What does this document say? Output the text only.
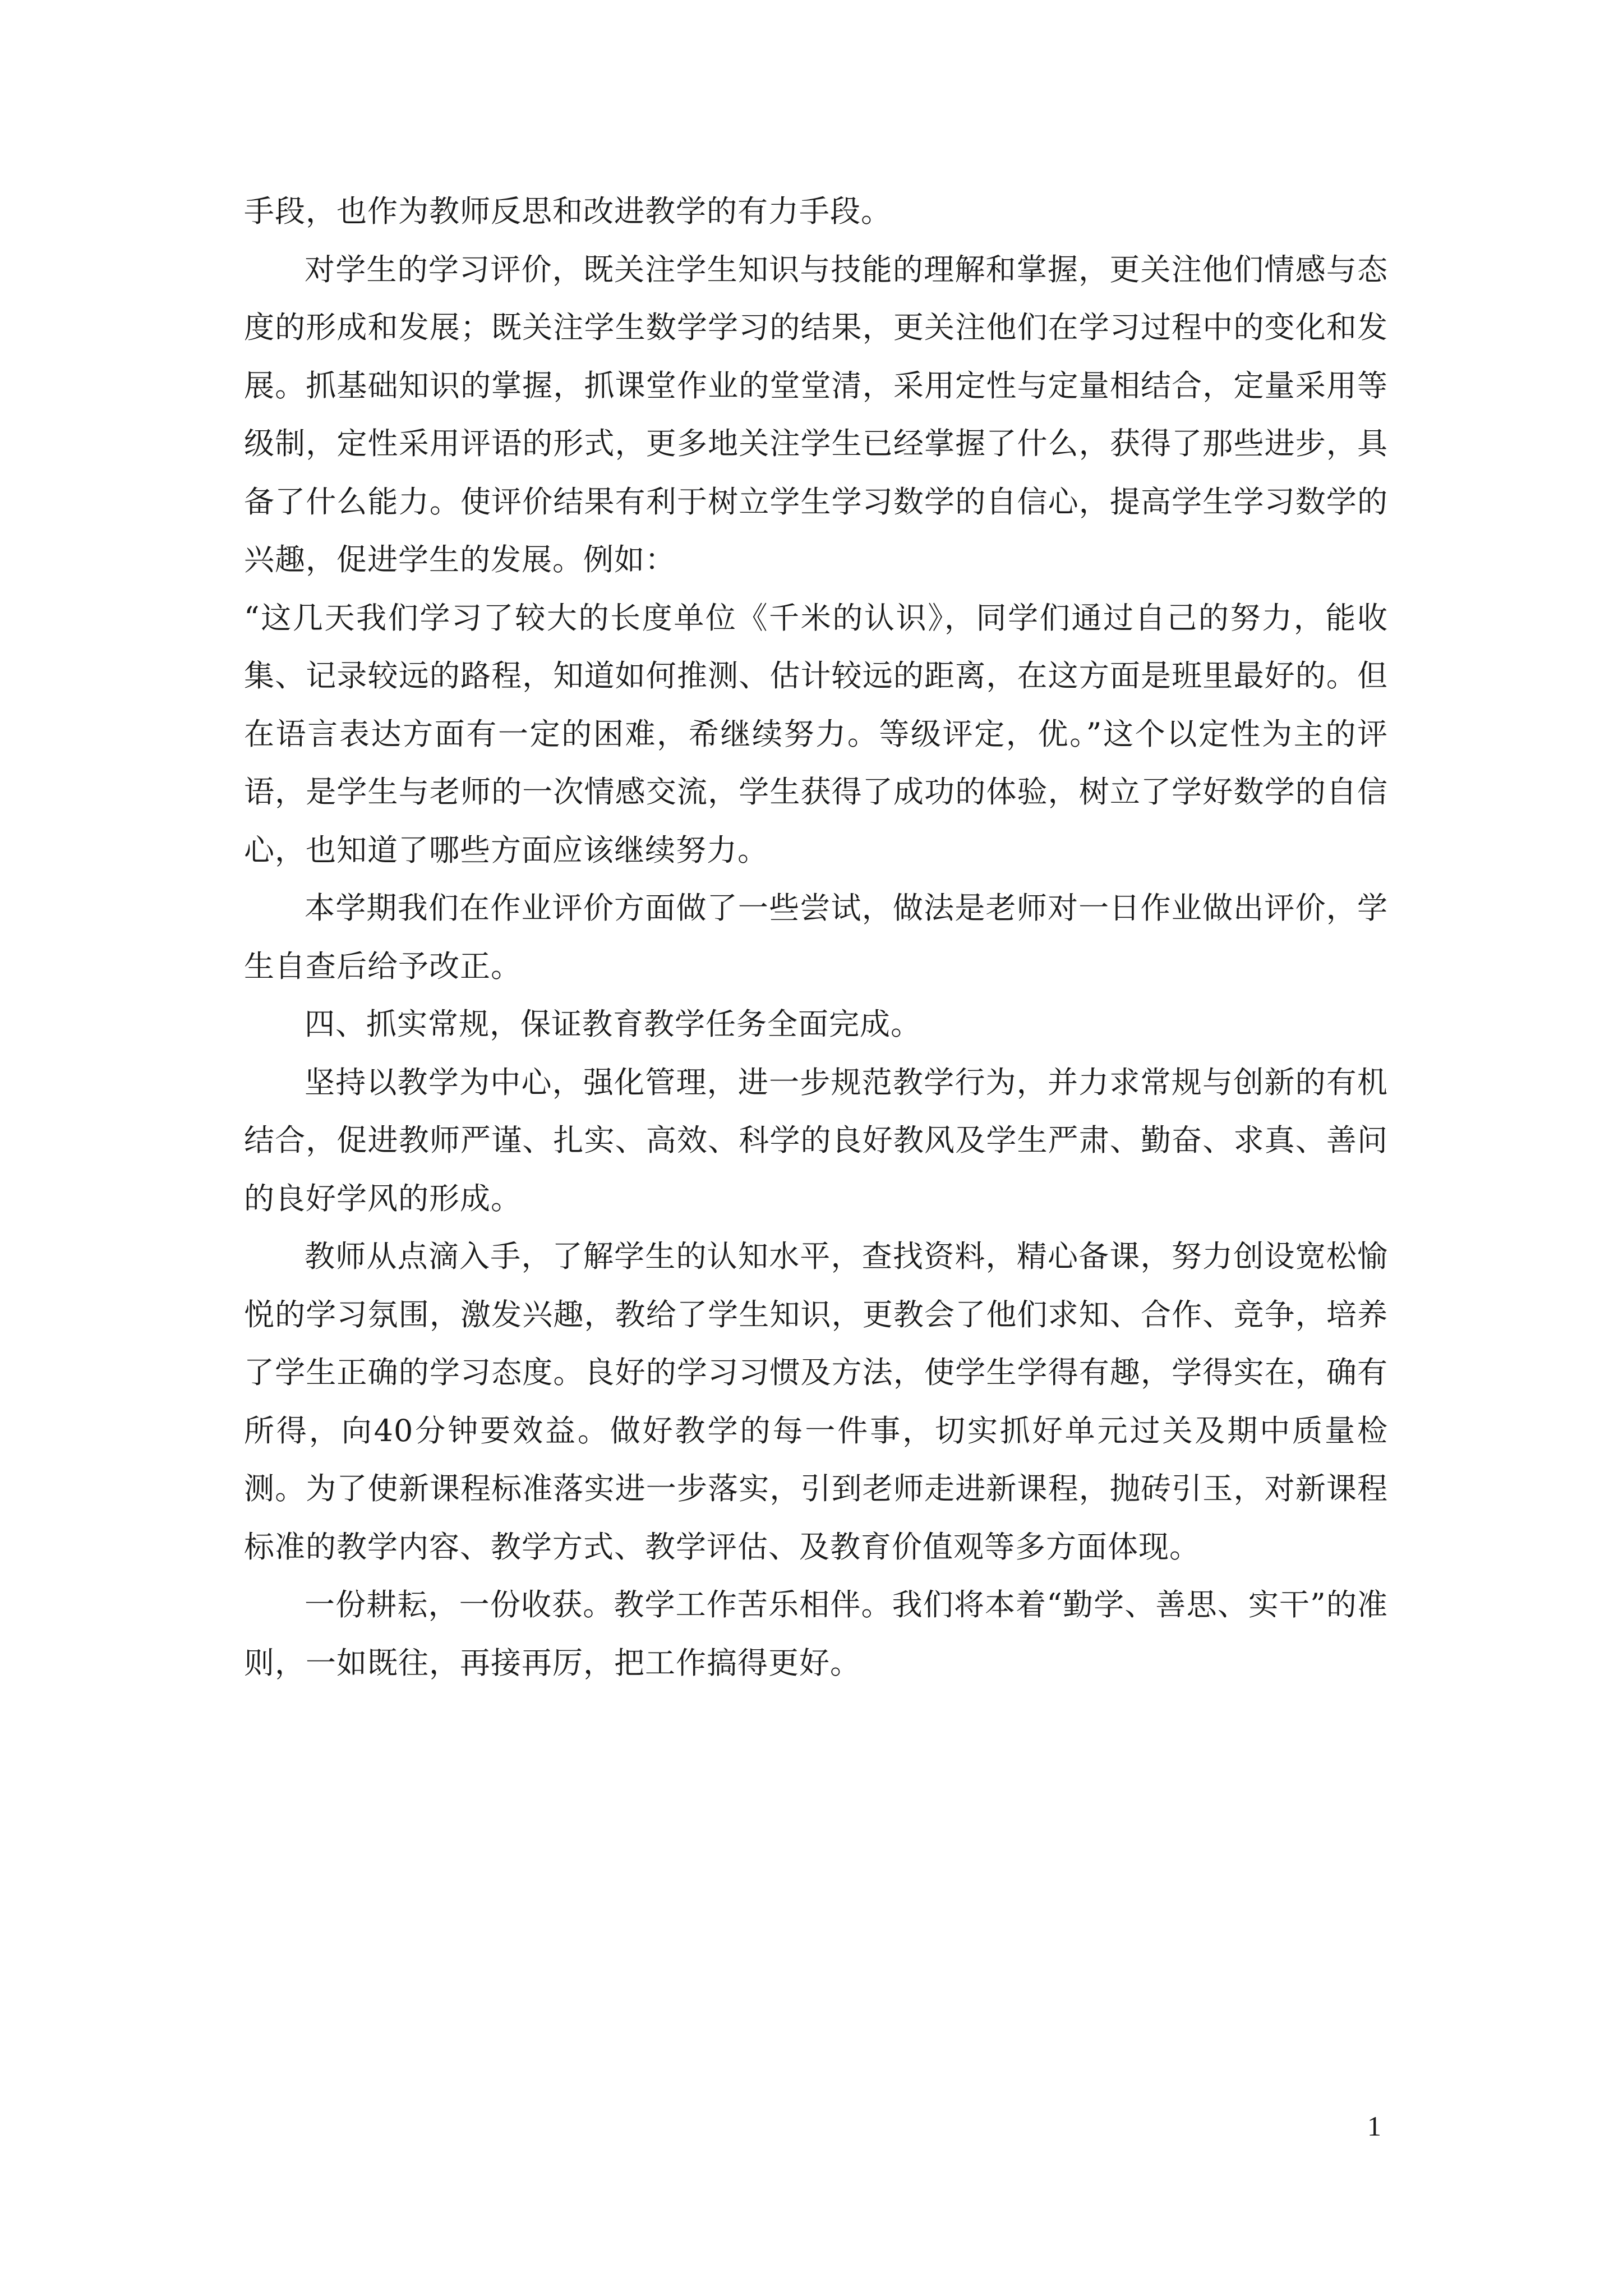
手段，也作为教师反思和改进教学的有力手段。

对学生的学习评价，既关注学生知识与技能的理解和掌握，更关注他们情感与态度的形成和发展；既关注学生数学学习的结果，更关注他们在学习过程中的变化和发展。抓基础知识的掌握，抓课堂作业的堂堂清，采用定性与定量相结合，定量采用等级制，定性采用评语的形式，更多地关注学生已经掌握了什么，获得了那些进步，具备了什么能力。使评价结果有利于树立学生学习数学的自信心，提高学生学习数学的兴趣，促进学生的发展。例如：

“这几天我们学习了较大的长度单位《千米的认识》，同学们通过自己的努力，能收集、记录较远的路程，知道如何推测、估计较远的距离，在这方面是班里最好的。但在语言表达方面有一定的困难，希继续努力。等级评定，优。”这个以定性为主的评语，是学生与老师的一次情感交流，学生获得了成功的体验，树立了学好数学的自信心，也知道了哪些方面应该继续努力。

本学期我们在作业评价方面做了一些尝试，做法是老师对一日作业做出评价，学生自查后给予改正。

四、抓实常规，保证教育教学任务全面完成。

坚持以教学为中心，强化管理，进一步规范教学行为，并力求常规与创新的有机结合，促进教师严谨、扎实、高效、科学的良好教风及学生严肃、勤奋、求真、善问的良好学风的形成。

教师从点滴入手，了解学生的认知水平，查找资料，精心备课，努力创设宽松愉悦的学习氛围，激发兴趣，教给了学生知识，更教会了他们求知、合作、竞争，培养了学生正确的学习态度。良好的学习习惯及方法，使学生学得有趣，学得实在，确有所得，向40分钟要效益。做好教学的每一件事，切实抓好单元过关及期中质量检测。为了使新课程标准落实进一步落实，引到老师走进新课程，抛砖引玉，对新课程标准的教学内容、教学方式、教学评估、及教育价值观等多方面体现。

一份耕耘，一份收获。教学工作苦乐相伴。我们将本着“勤学、善思、实干”的准则，一如既往，再接再厉，把工作搞得更好。

1
